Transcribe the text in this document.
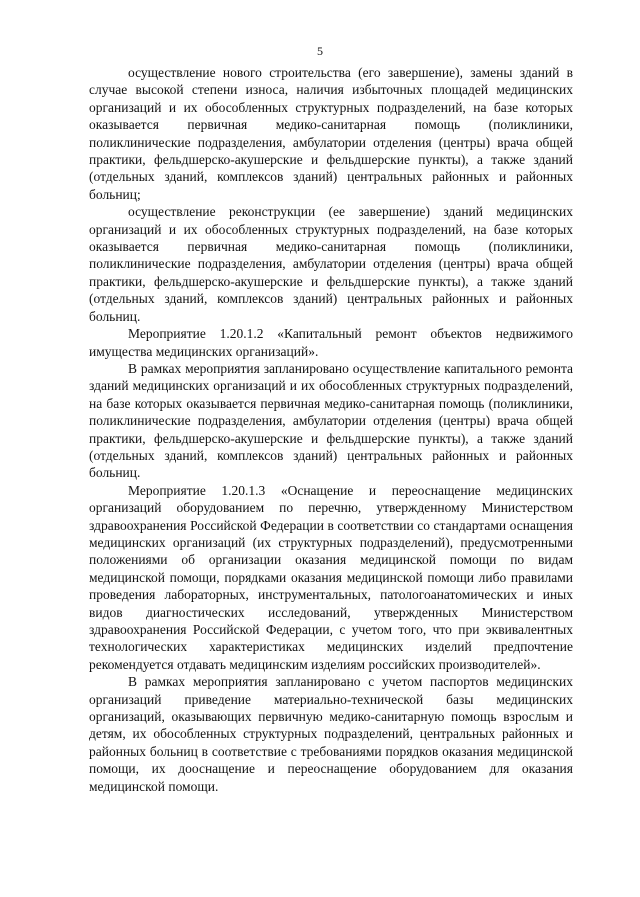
5

осуществление нового строительства (его завершение), замены зданий в случае высокой степени износа, наличия избыточных площадей медицинских организаций и их обособленных структурных подразделений, на базе которых оказывается первичная медико-санитарная помощь (поликлиники, поликлинические подразделения, амбулатории отделения (центры) врача общей практики, фельдшерско-акушерские и фельдшерские пункты), а также зданий (отдельных зданий, комплексов зданий) центральных районных и районных больниц;

осуществление реконструкции (ее завершение) зданий медицинских организаций и их обособленных структурных подразделений, на базе которых оказывается первичная медико-санитарная помощь (поликлиники, поликлинические подразделения, амбулатории отделения (центры) врача общей практики, фельдшерско-акушерские и фельдшерские пункты), а также зданий (отдельных зданий, комплексов зданий) центральных районных и районных больниц.

Мероприятие 1.20.1.2 «Капитальный ремонт объектов недвижимого имущества медицинских организаций».

В рамках мероприятия запланировано осуществление капитального ремонта зданий медицинских организаций и их обособленных структурных подразделений, на базе которых оказывается первичная медико-санитарная помощь (поликлиники, поликлинические подразделения, амбулатории отделения (центры) врача общей практики, фельдшерско-акушерские и фельдшерские пункты), а также зданий (отдельных зданий, комплексов зданий) центральных районных и районных больниц.

Мероприятие 1.20.1.3 «Оснащение и переоснащение медицинских организаций оборудованием по перечню, утвержденному Министерством здравоохранения Российской Федерации в соответствии со стандартами оснащения медицинских организаций (их структурных подразделений), предусмотренными положениями об организации оказания медицинской помощи по видам медицинской помощи, порядками оказания медицинской помощи либо правилами проведения лабораторных, инструментальных, патологоанатомических и иных видов диагностических исследований, утвержденных Министерством здравоохранения Российской Федерации, с учетом того, что при эквивалентных технологических характеристиках медицинских изделий предпочтение рекомендуется отдавать медицинским изделиям российских производителей».

В рамках мероприятия запланировано с учетом паспортов медицинских организаций приведение материально-технической базы медицинских организаций, оказывающих первичную медико-санитарную помощь взрослым и детям, их обособленных структурных подразделений, центральных районных и районных больниц в соответствие с требованиями порядков оказания медицинской помощи, их дооснащение и переоснащение оборудованием для оказания медицинской помощи.
